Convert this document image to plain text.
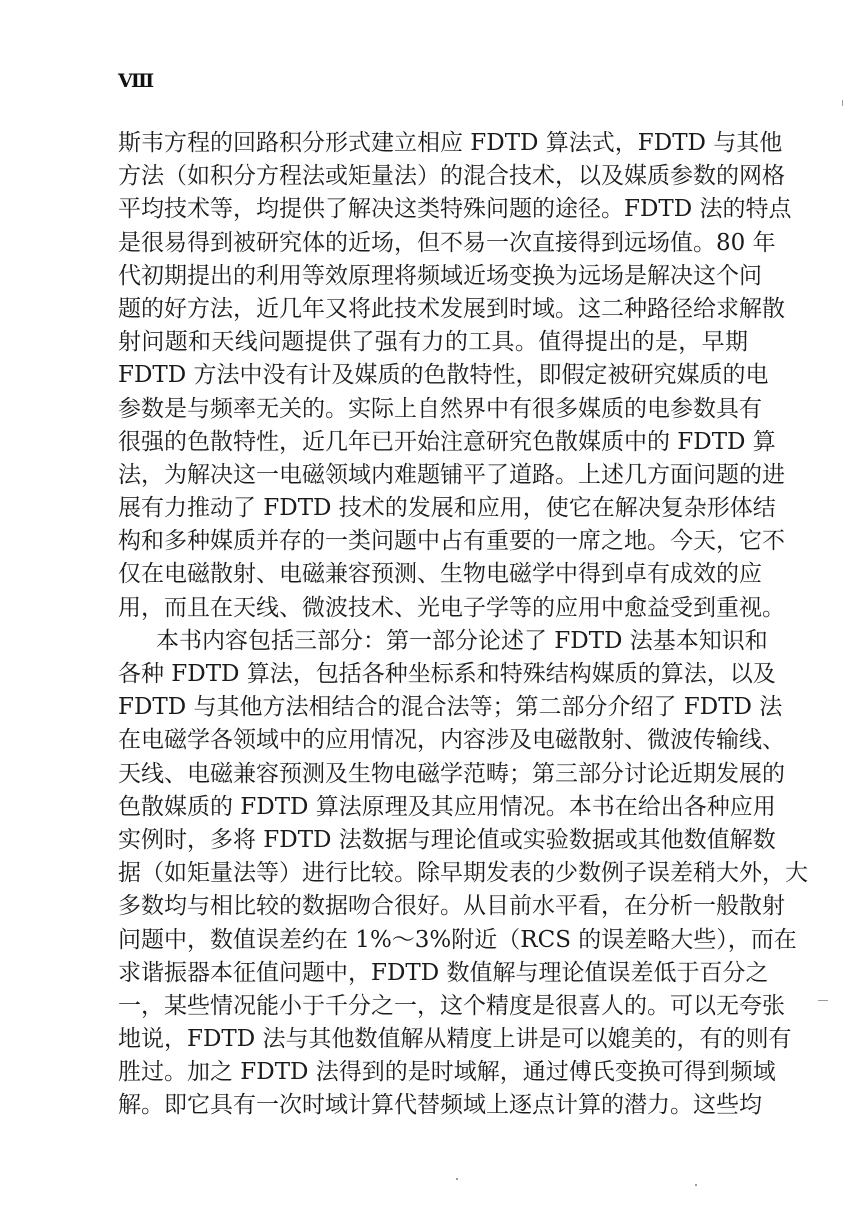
Ⅷ
斯韦方程的回路积分形式建立相应 FDTD 算法式，FDTD 与其他
方法（如积分方程法或矩量法）的混合技术，以及媒质参数的网格
平均技术等，均提供了解决这类特殊问题的途径。FDTD 法的特点
是很易得到被研究体的近场，但不易一次直接得到远场值。80 年
代初期提出的利用等效原理将频域近场变换为远场是解决这个问
题的好方法，近几年又将此技术发展到时域。这二种路径给求解散
射问题和天线问题提供了强有力的工具。值得提出的是，早期
FDTD 方法中没有计及媒质的色散特性，即假定被研究媒质的电
参数是与频率无关的。实际上自然界中有很多媒质的电参数具有
很强的色散特性，近几年已开始注意研究色散媒质中的 FDTD 算
法，为解决这一电磁领域内难题铺平了道路。上述几方面问题的进
展有力推动了 FDTD 技术的发展和应用，使它在解决复杂形体结
构和多种媒质并存的一类问题中占有重要的一席之地。今天，它不
仅在电磁散射、电磁兼容预测、生物电磁学中得到卓有成效的应
用，而且在天线、微波技术、光电子学等的应用中愈益受到重视。
本书内容包括三部分：第一部分论述了 FDTD 法基本知识和
各种 FDTD 算法，包括各种坐标系和特殊结构媒质的算法，以及
FDTD 与其他方法相结合的混合法等；第二部分介绍了 FDTD 法
在电磁学各领域中的应用情况，内容涉及电磁散射、微波传输线、
天线、电磁兼容预测及生物电磁学范畴；第三部分讨论近期发展的
色散媒质的 FDTD 算法原理及其应用情况。本书在给出各种应用
实例时，多将 FDTD 法数据与理论值或实验数据或其他数值解数
据（如矩量法等）进行比较。除早期发表的少数例子误差稍大外，大
多数均与相比较的数据吻合很好。从目前水平看，在分析一般散射
问题中，数值误差约在 1%～3%附近（RCS 的误差略大些），而在
求谐振器本征值问题中，FDTD 数值解与理论值误差低于百分之
一，某些情况能小于千分之一，这个精度是很喜人的。可以无夸张
地说，FDTD 法与其他数值解从精度上讲是可以媲美的，有的则有
胜过。加之 FDTD 法得到的是时域解，通过傅氏变换可得到频域
解。即它具有一次时域计算代替频域上逐点计算的潜力。这些均
